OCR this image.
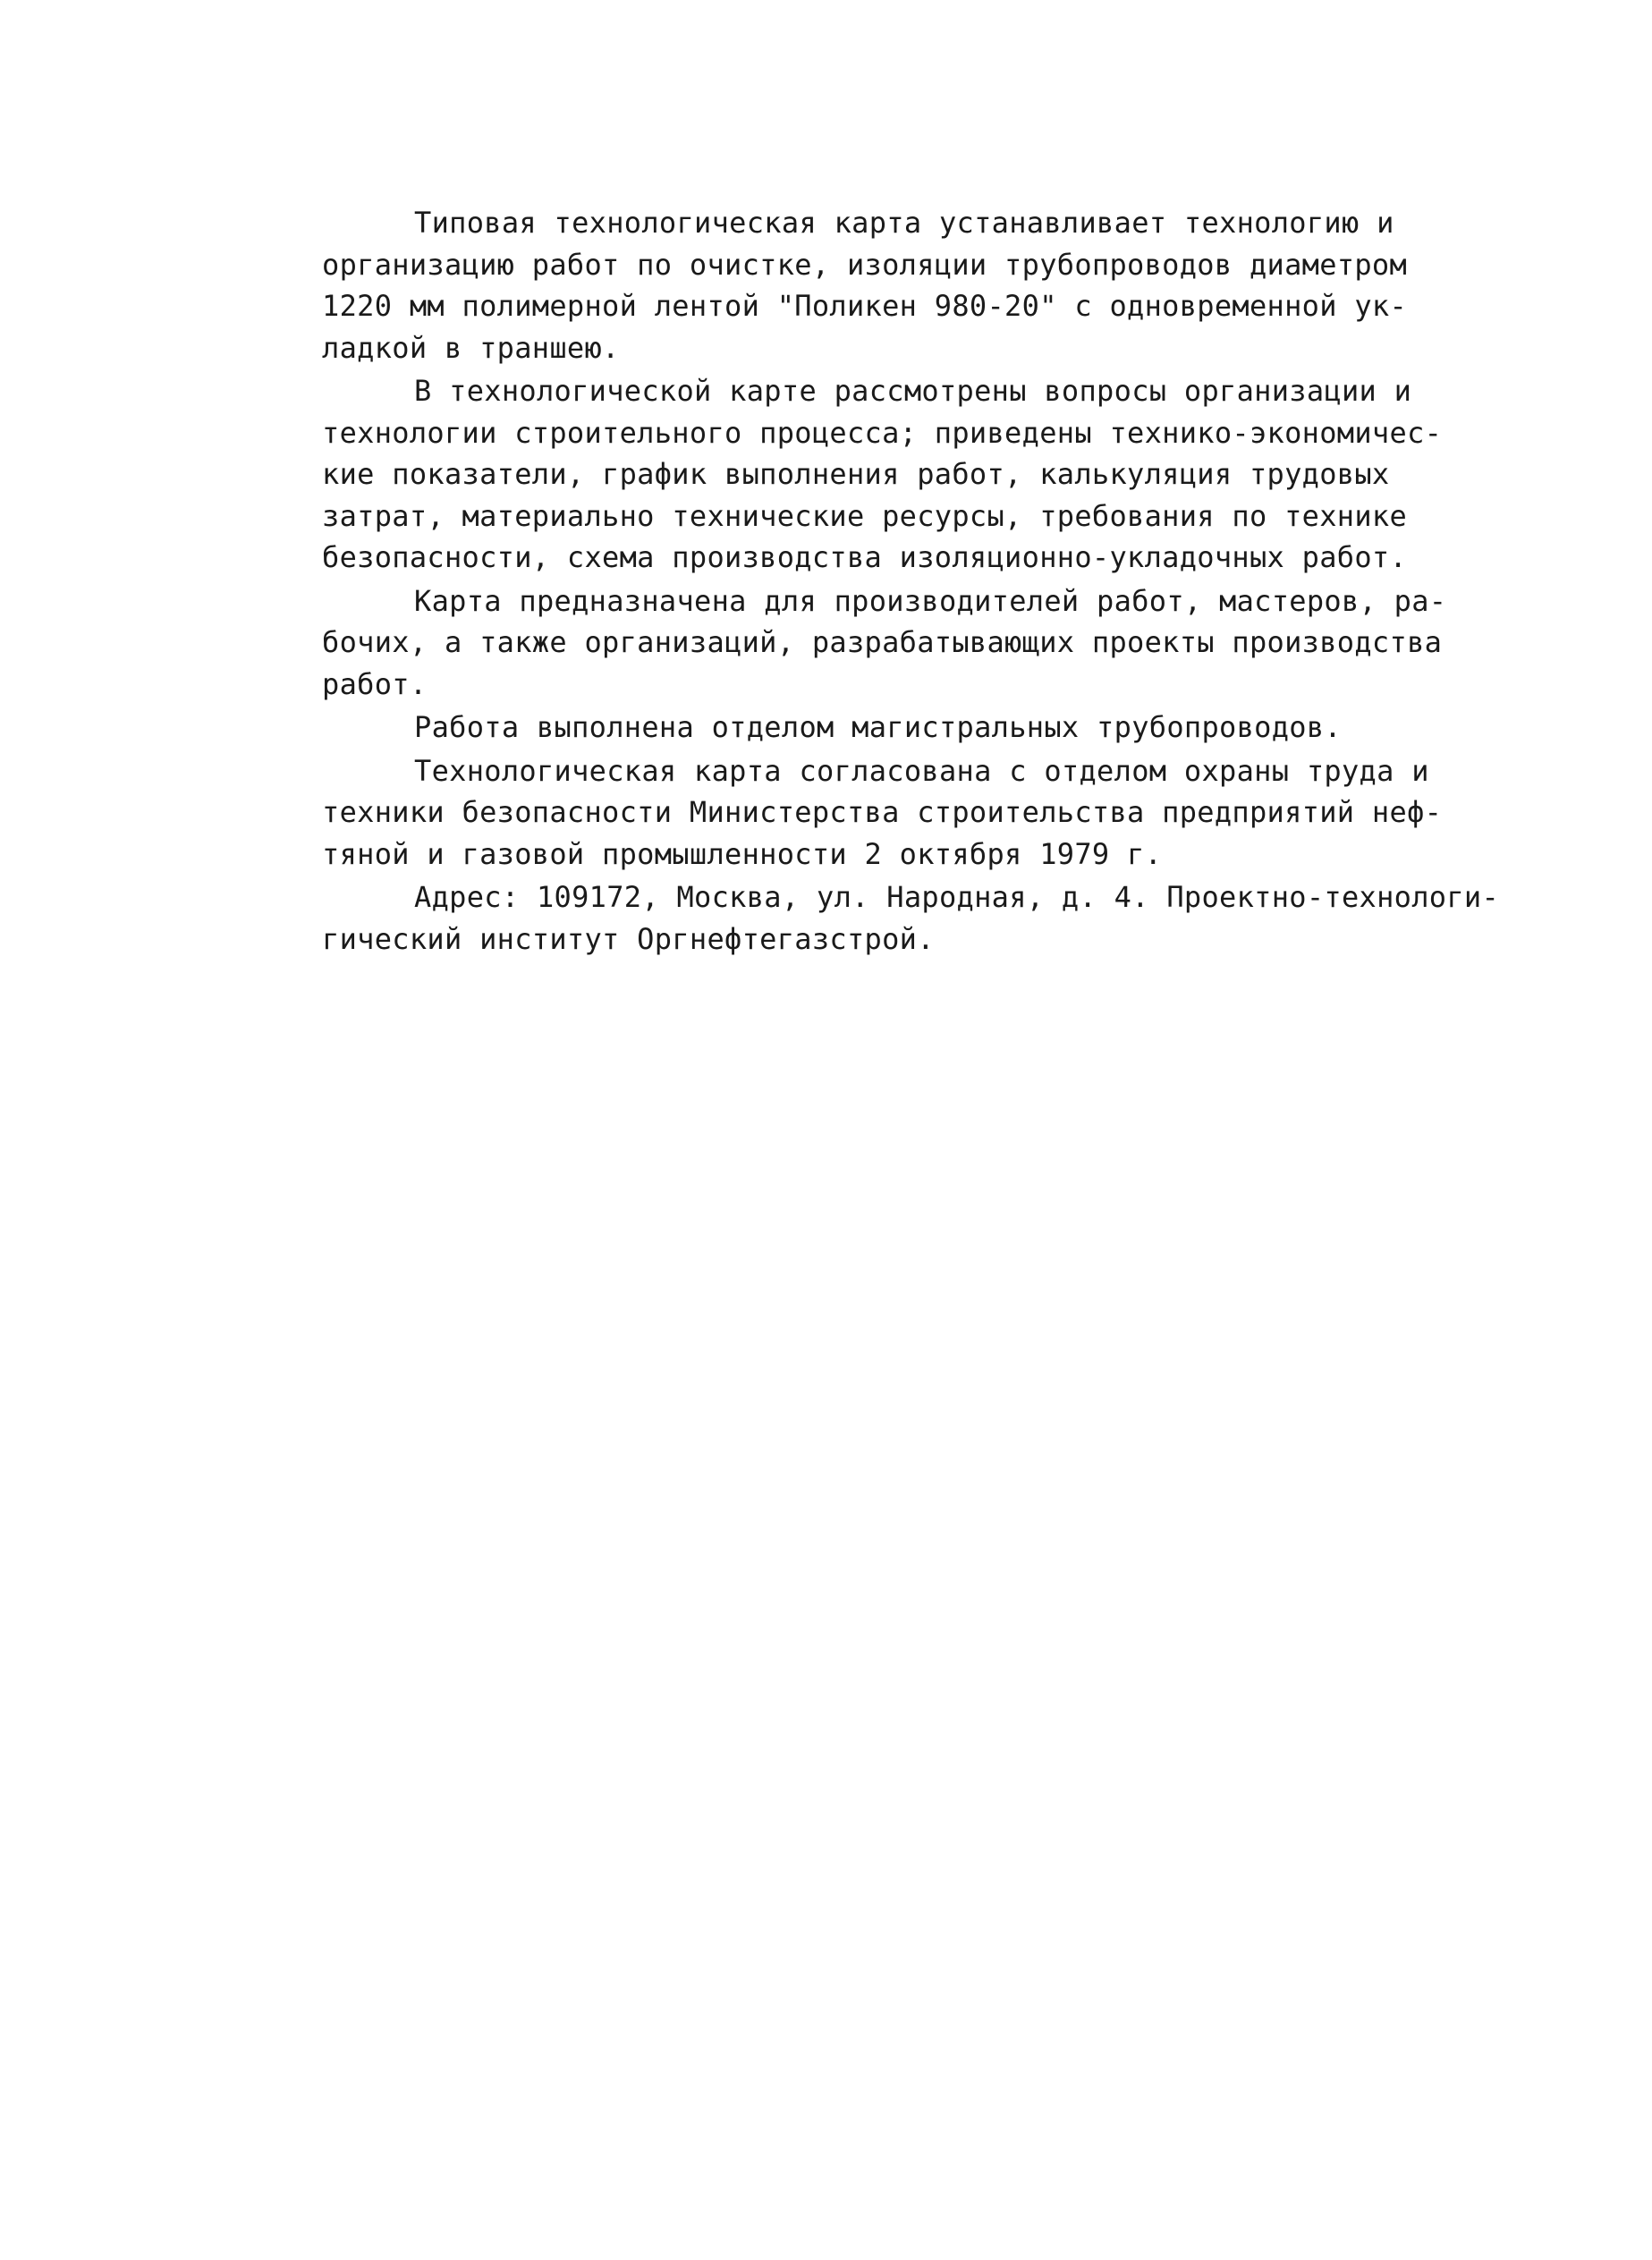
Типовая технологическая карта устанавливает технологию и
организацию работ по очистке, изоляции трубопроводов диаметром
1220 мм полимерной лентой "Поликен 980-20" с одновременной ук-
ладкой в траншею.
В технологической карте рассмотрены вопросы организации и
технологии строительного процесса; приведены технико-экономичес-
кие показатели, график выполнения работ, калькуляция трудовых
затрат, материально технические ресурсы, требования по технике
безопасности, схема производства изоляционно-укладочных работ.
Карта предназначена для производителей работ, мастеров, ра-
бочих, а также организаций, разрабатывающих проекты производства
работ.
Работа выполнена отделом магистральных трубопроводов.
Технологическая карта согласована с отделом охраны труда и
техники безопасности Министерства строительства предприятий неф-
тяной и газовой промышленности 2 октября 1979 г.
Адрес: 109172, Москва, ул. Народная, д. 4. Проектно-технологи-
гический институт Оргнефтегазстрой.
